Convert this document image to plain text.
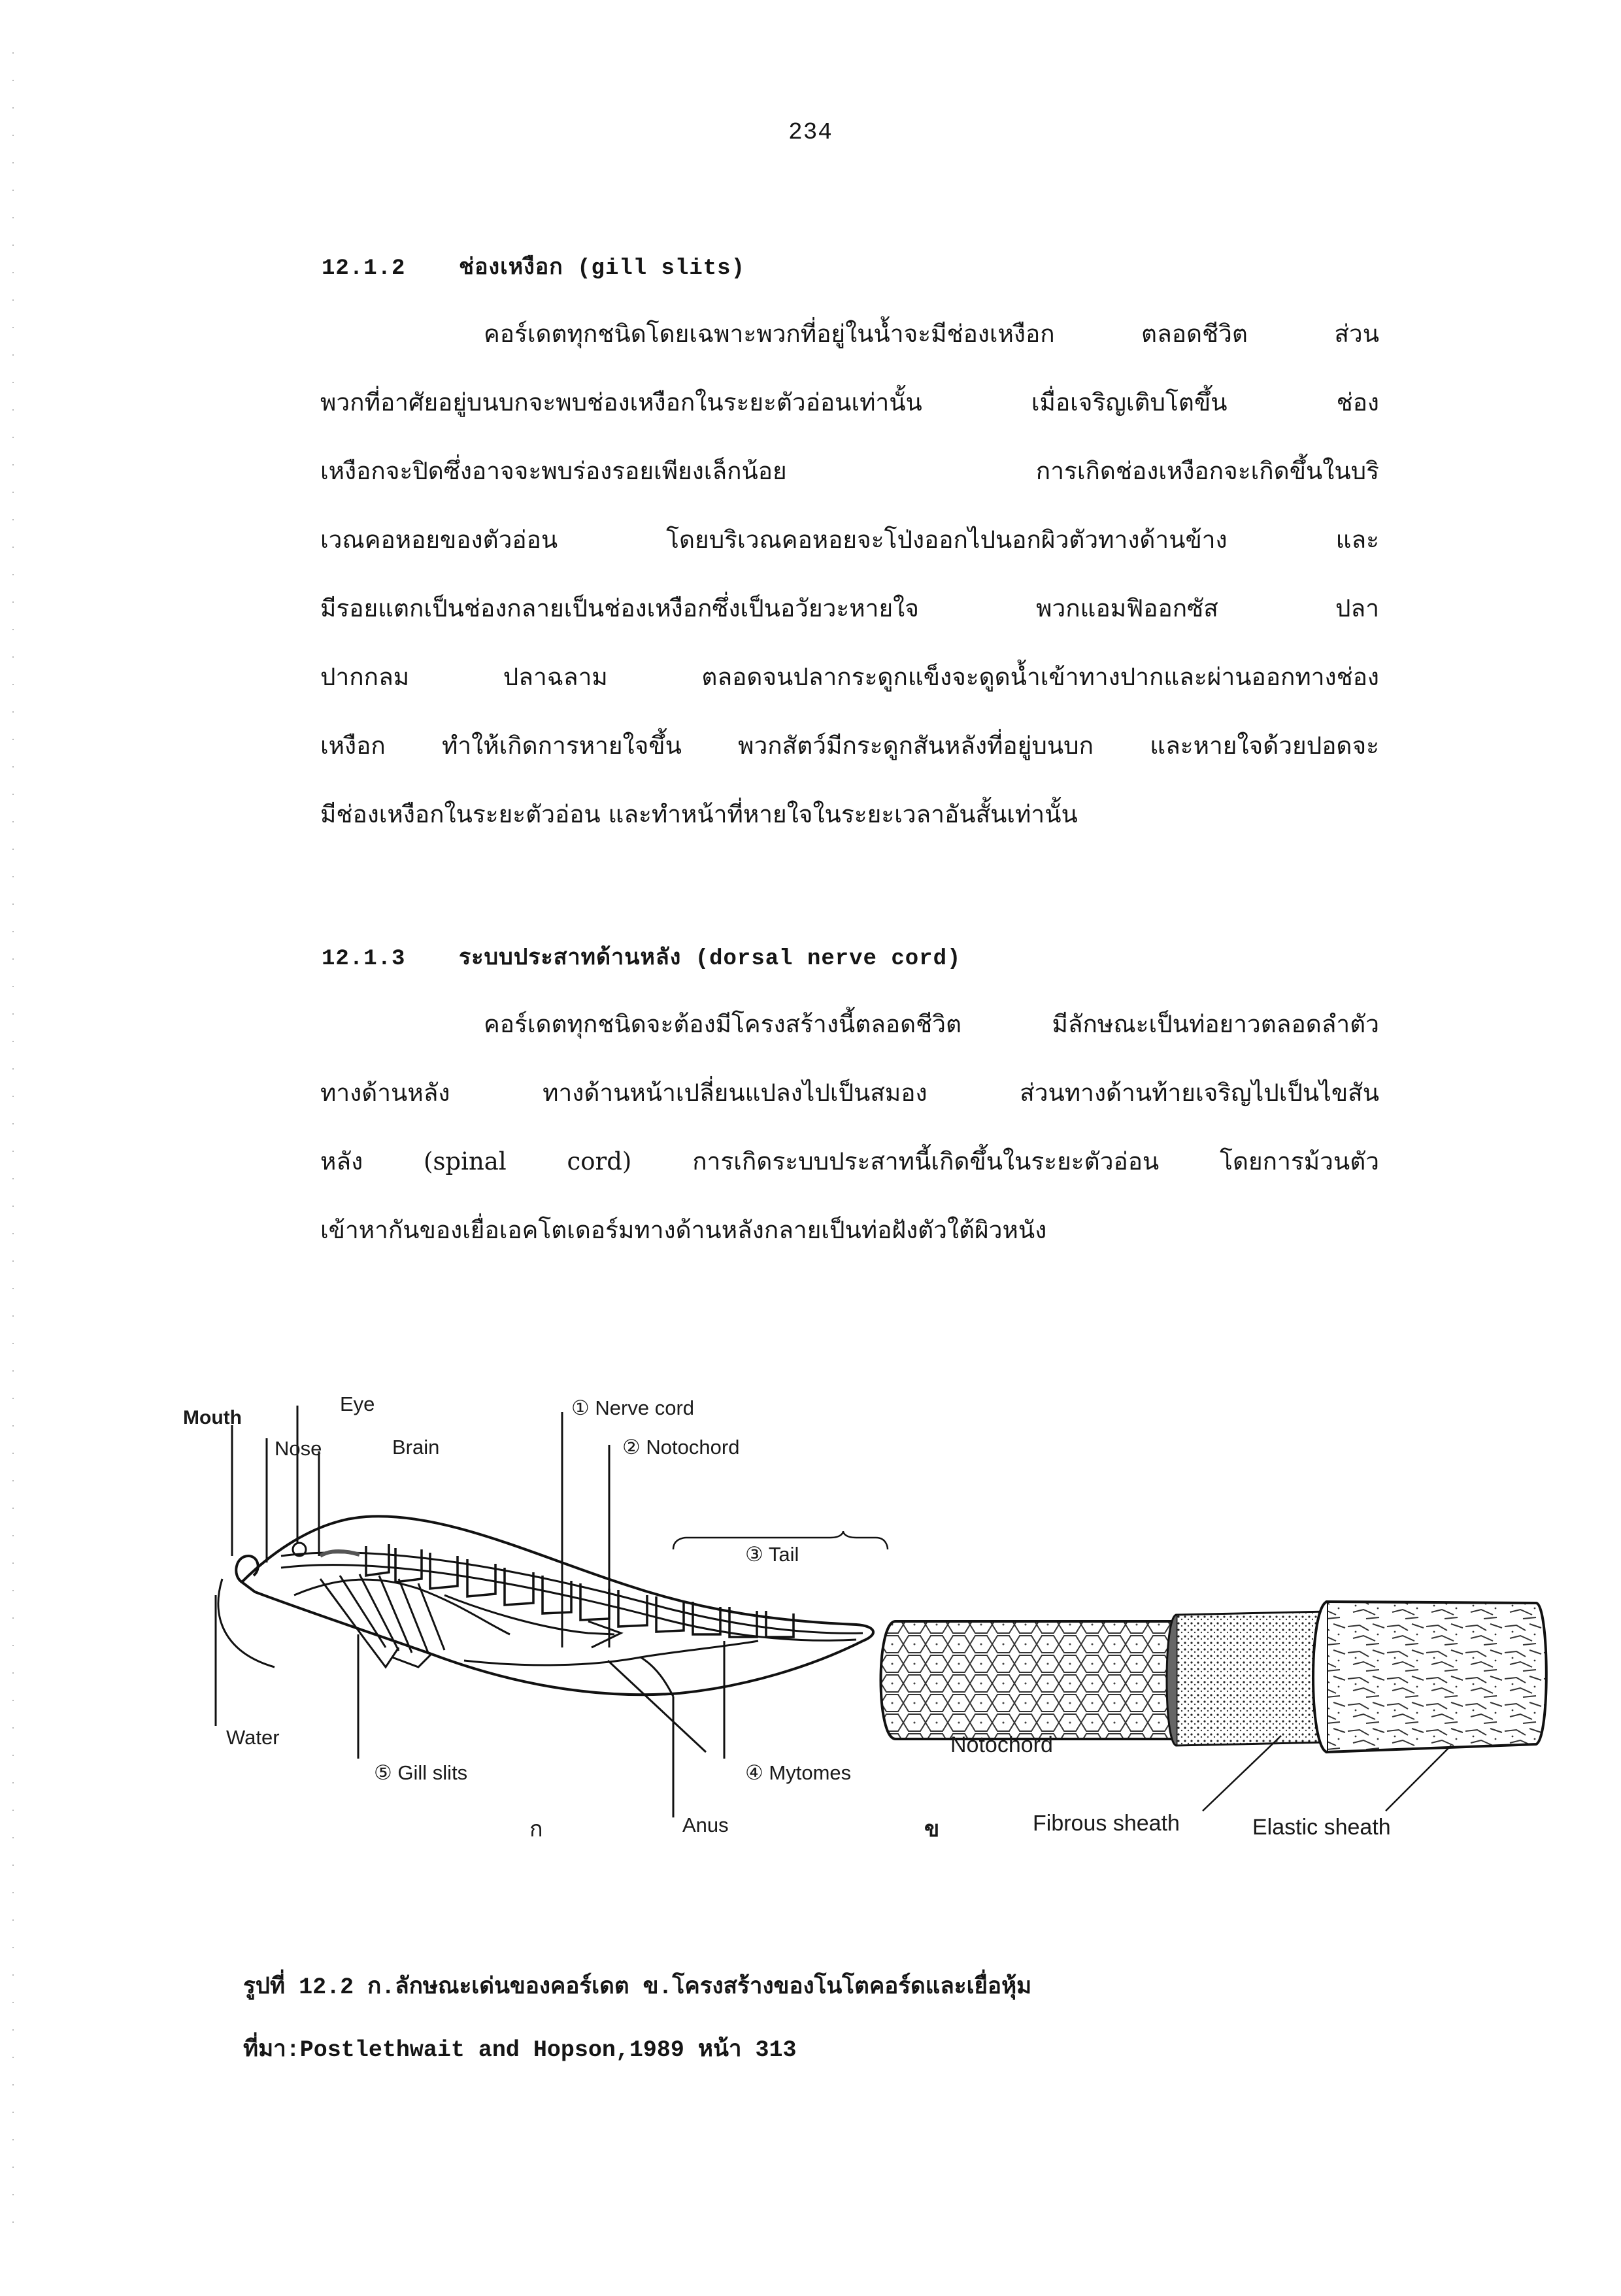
234
12.1.2 ช่องเหงือก (gill slits)
คอร์เดตทุกชนิดโดยเฉพาะพวกที่อยู่ในน้ำจะมีช่องเหงือก ตลอดชีวิต ส่วน
พวกที่อาศัยอยู่บนบกจะพบช่องเหงือกในระยะตัวอ่อนเท่านั้น เมื่อเจริญเติบโตขึ้น ช่อง
เหงือกจะปิดซึ่งอาจจะพบร่องรอยเพียงเล็กน้อย การเกิดช่องเหงือกจะเกิดขึ้นในบริ
เวณคอหอยของตัวอ่อน โดยบริเวณคอหอยจะโป่งออกไปนอกผิวตัวทางด้านข้าง และ
มีรอยแตกเป็นช่องกลายเป็นช่องเหงือกซึ่งเป็นอวัยวะหายใจ พวกแอมฟิออกซัส ปลา
ปากกลม ปลาฉลาม ตลอดจนปลากระดูกแข็งจะดูดน้ำเข้าทางปากและผ่านออกทางช่อง
เหงือก ทำให้เกิดการหายใจขึ้น พวกสัตว์มีกระดูกสันหลังที่อยู่บนบก และหายใจด้วยปอดจะ
มีช่องเหงือกในระยะตัวอ่อน และทำหน้าที่หายใจในระยะเวลาอันสั้นเท่านั้น
12.1.3 ระบบประสาทด้านหลัง (dorsal nerve cord)
คอร์เดตทุกชนิดจะต้องมีโครงสร้างนี้ตลอดชีวิต มีลักษณะเป็นท่อยาวตลอดลำตัว
ทางด้านหลัง ทางด้านหน้าเปลี่ยนแปลงไปเป็นสมอง ส่วนทางด้านท้ายเจริญไปเป็นไขสัน
หลัง (spinal cord) การเกิดระบบประสาทนี้เกิดขึ้นในระยะตัวอ่อน โดยการม้วนตัว
เข้าหากันของเยื่อเอคโตเดอร์มทางด้านหลังกลายเป็นท่อฝังตัวใต้ผิวหนัง
Mouth
Eye
Nose	Brain
① Nerve cord
② Notochord
③ Tail
Water
⑤ Gill slits	④ Mytomes
Anus
ก
Notochord
Fibrous sheath	Elastic sheath
ข
รูปที่ 12.2 ก.ลักษณะเด่นของคอร์เดต ข.โครงสร้างของโนโตคอร์ดและเยื่อหุ้ม
ที่มา:Postlethwait and Hopson,1989 หน้า 313
